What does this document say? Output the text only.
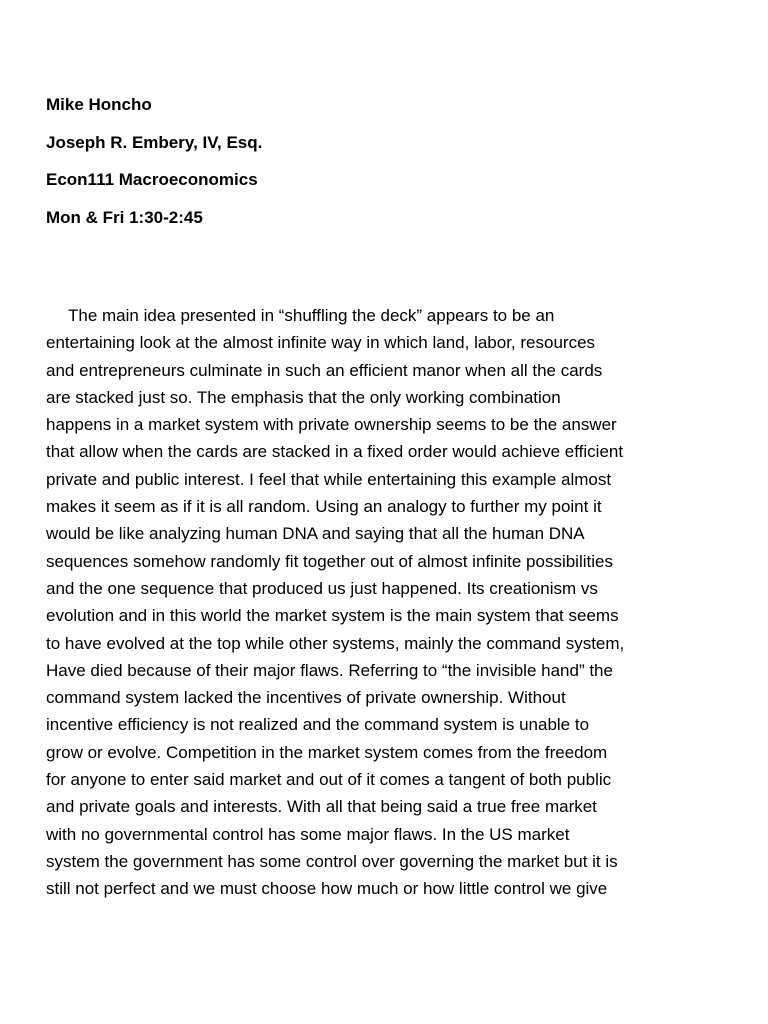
Mike Honcho
Joseph R. Embery, IV, Esq.
Econ111 Macroeconomics
Mon & Fri 1:30-2:45
The main idea presented in “shuffling the deck” appears to be an
entertaining look at the almost infinite way in which land, labor, resources
and entrepreneurs culminate in such an efficient manor when all the cards
are stacked just so. The emphasis that the only working combination
happens in a market system with private ownership seems to be the answer
that allow when the cards are stacked in a fixed order would achieve efficient
private and public interest. I feel that while entertaining this example almost
makes it seem as if it is all random. Using an analogy to further my point it
would be like analyzing human DNA and saying that all the human DNA
sequences somehow randomly fit together out of almost infinite possibilities
and the one sequence that produced us just happened. Its creationism vs
evolution and in this world the market system is the main system that seems
to have evolved at the top while other systems, mainly the command system,
Have died because of their major flaws. Referring to “the invisible hand” the
command system lacked the incentives of private ownership. Without
incentive efficiency is not realized and the command system is unable to
grow or evolve. Competition in the market system comes from the freedom
for anyone to enter said market and out of it comes a tangent of both public
and private goals and interests. With all that being said a true free market
with no governmental control has some major flaws. In the US market
system the government has some control over governing the market but it is
still not perfect and we must choose how much or how little control we give
